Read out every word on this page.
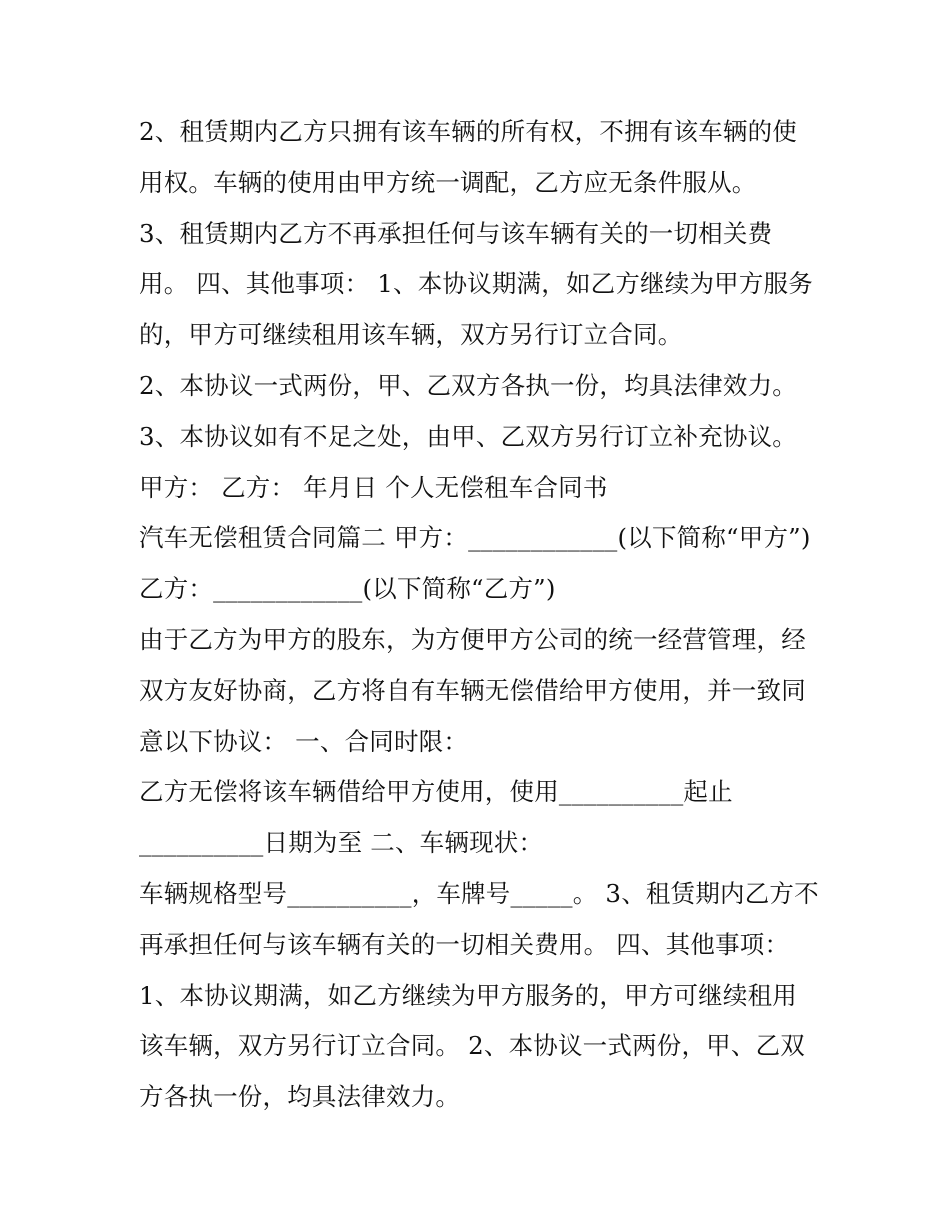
2、租赁期内乙方只拥有该车辆的所有权，不拥有该车辆的使
用权。车辆的使用由甲方统一调配，乙方应无条件服从。
3、租赁期内乙方不再承担任何与该车辆有关的一切相关费
用。 四、其他事项： 1、本协议期满，如乙方继续为甲方服务
的，甲方可继续租用该车辆，双方另行订立合同。
2、本协议一式两份，甲、乙双方各执一份，均具法律效力。
3、本协议如有不足之处，由甲、乙双方另行订立补充协议。
甲方： 乙方： 年月日 个人无偿租车合同书
汽车无偿租赁合同篇二 甲方：____________(以下简称“甲方”)
乙方：____________(以下简称“乙方”)
由于乙方为甲方的股东，为方便甲方公司的统一经营管理，经
双方友好协商，乙方将自有车辆无偿借给甲方使用，并一致同
意以下协议： 一、合同时限：
乙方无偿将该车辆借给甲方使用，使用__________起止
__________日期为至 二、车辆现状：
车辆规格型号__________，车牌号_____。 3、租赁期内乙方不
再承担任何与该车辆有关的一切相关费用。 四、其他事项：
1、本协议期满，如乙方继续为甲方服务的，甲方可继续租用
该车辆，双方另行订立合同。 2、本协议一式两份，甲、乙双
方各执一份，均具法律效力。
